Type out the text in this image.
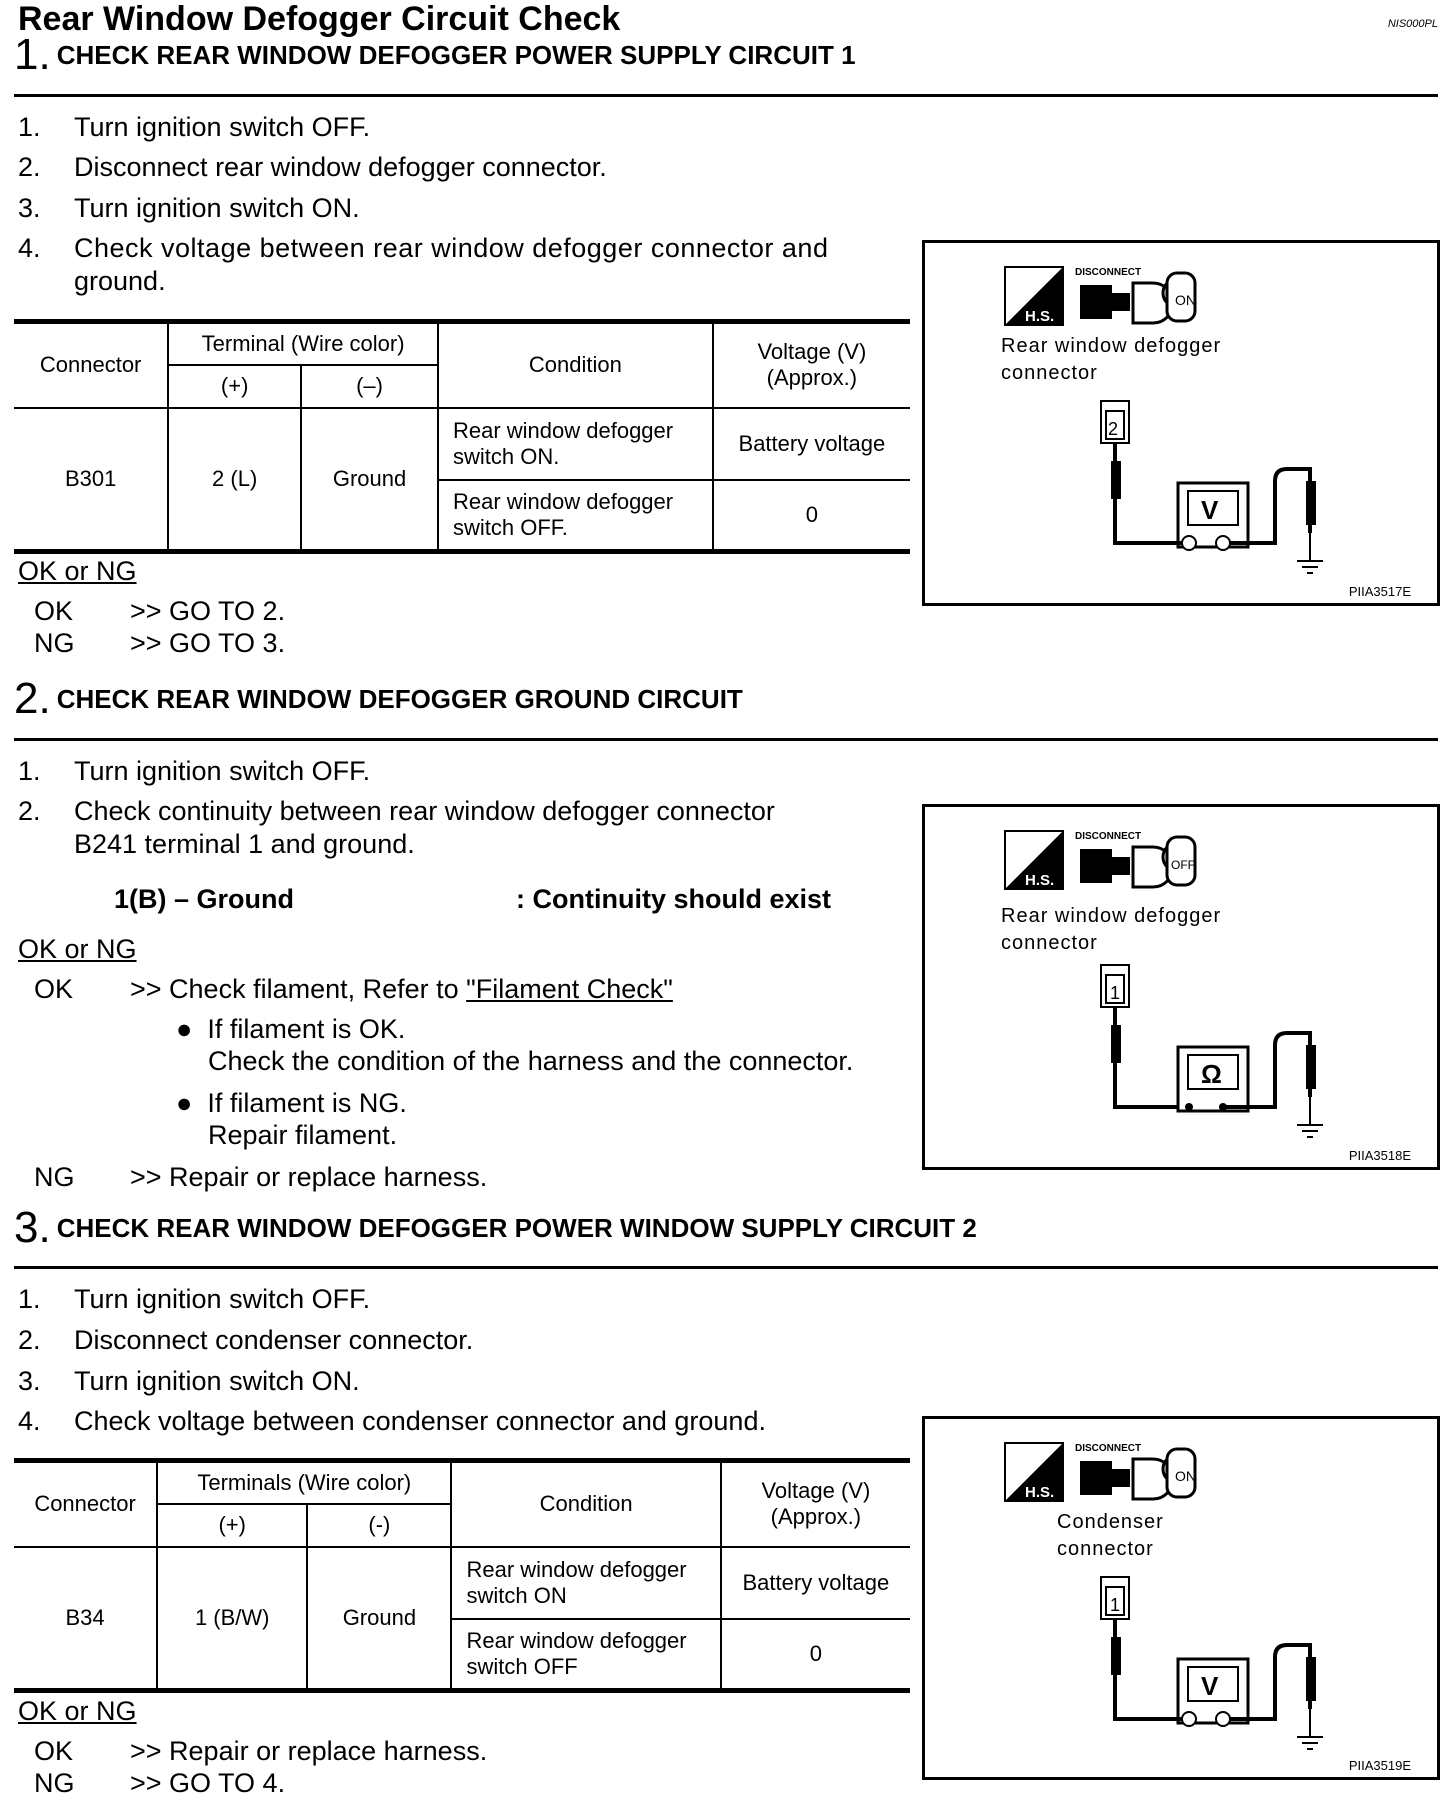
Rear Window Defogger Circuit Check	NIS000PL
1. CHECK REAR WINDOW DEFOGGER POWER SUPPLY CIRCUIT 1
1. Turn ignition switch OFF.
2. Disconnect rear window defogger connector.
3. Turn ignition switch ON.
4. Check voltage between rear window defogger connector and
ground.
Connector	Terminal (Wire color)		Condition	Voltage (V)
(Approx.)
	(+)	(–)		
B301	2 (L)	Ground	Rear window defogger
switch ON.	Battery voltage
			Rear window defogger
switch OFF.	0
OK or NG
OK >> GO TO 2.
NG >> GO TO 3.
H.S.
DISCONNECT
ON
2
V
Rear window defogger
connector
PIIA3517E
2. CHECK REAR WINDOW DEFOGGER GROUND CIRCUIT
1. Turn ignition switch OFF.
2. Check continuity between rear window defogger connector
B241 terminal 1 and ground.
1(B) – Ground	: Continuity should exist
OK or NG
OK >> Check filament, Refer to "Filament Check"
●  If filament is OK.
Check the condition of the harness and the connector.
●  If filament is NG.
Repair filament.
NG >> Repair or replace harness.
H.S.
DISCONNECT
OFF
1
Ω
Rear window defogger
connector
PIIA3518E
3. CHECK REAR WINDOW DEFOGGER POWER WINDOW SUPPLY CIRCUIT 2
1. Turn ignition switch OFF.
2. Disconnect condenser connector.
3. Turn ignition switch ON.
4. Check voltage between condenser connector and ground.
Connector	Terminals (Wire color)		Condition	Voltage (V)
(Approx.)
	(+)	(-)		
B34	1 (B/W)	Ground	Rear window defogger
switch ON	Battery voltage
			Rear window defogger
switch OFF	0
OK or NG
OK >> Repair or replace harness.
NG >> GO TO 4.
H.S.
DISCONNECT
ON
1
V
Condenser
connector
PIIA3519E
